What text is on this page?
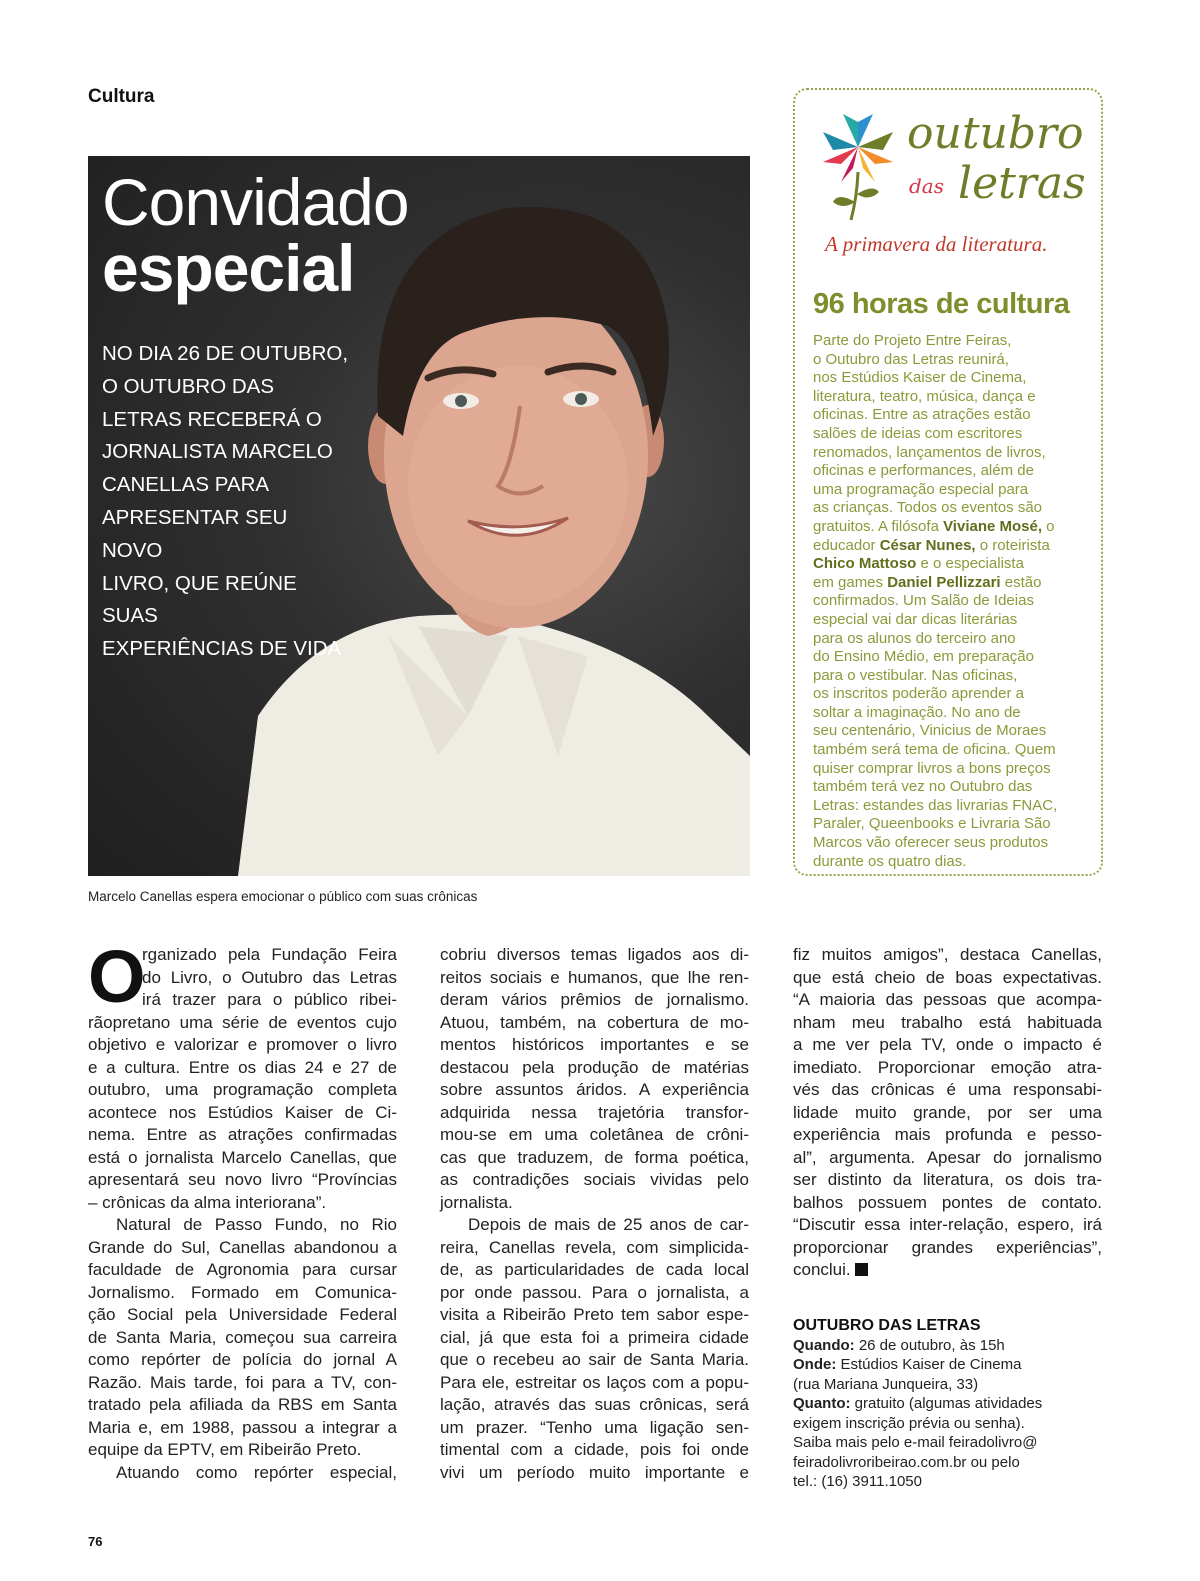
Cultura
Convidado
especial
NO DIA 26 DE OUTUBRO,
O OUTUBRO DAS
LETRAS RECEBERÁ O
JORNALISTA MARCELO
CANELLAS PARA
APRESENTAR SEU NOVO
LIVRO, QUE REÚNE SUAS
EXPERIÊNCIAS DE VIDA
Marcelo Canellas espera emocionar o público com suas crônicas
outubro
das letras
A primavera da literatura.
96 horas de cultura
Parte do Projeto Entre Feiras,
o Outubro das Letras reunirá,
nos Estúdios Kaiser de Cinema,
literatura, teatro, música, dança e
oficinas. Entre as atrações estão
salões de ideias com escritores
renomados, lançamentos de livros,
oficinas e performances, além de
uma programação especial para
as crianças. Todos os eventos são
gratuitos. A filósofa Viviane Mosé, o
educador César Nunes, o roteirista
Chico Mattoso e o especialista
em games Daniel Pellizzari estão
confirmados. Um Salão de Ideias
especial vai dar dicas literárias
para os alunos do terceiro ano
do Ensino Médio, em preparação
para o vestibular. Nas oficinas,
os inscritos poderão aprender a
soltar a imaginação. No ano de
seu centenário, Vinicius de Moraes
também será tema de oficina. Quem
quiser comprar livros a bons preços
também terá vez no Outubro das
Letras: estandes das livrarias FNAC,
Paraler, Queenbooks e Livraria São
Marcos vão oferecer seus produtos
durante os quatro dias.
O
rganizado pela Fundação Feira
do Livro, o Outubro das Letras
irá trazer para o público ribei-
rãopretano uma série de eventos cujo
objetivo e valorizar e promover o livro
e a cultura. Entre os dias 24 e 27 de
outubro, uma programação completa
acontece nos Estúdios Kaiser de Ci-
nema. Entre as atrações confirmadas
está o jornalista Marcelo Canellas, que
apresentará seu novo livro “Províncias
– crônicas da alma interiorana”.
Natural de Passo Fundo, no Rio
Grande do Sul, Canellas abandonou a
faculdade de Agronomia para cursar
Jornalismo. Formado em Comunica-
ção Social pela Universidade Federal
de Santa Maria, começou sua carreira
como repórter de polícia do jornal A
Razão. Mais tarde, foi para a TV, con-
tratado pela afiliada da RBS em Santa
Maria e, em 1988, passou a integrar a
equipe da EPTV, em Ribeirão Preto.
Atuando como repórter especial,
cobriu diversos temas ligados aos di-
reitos sociais e humanos, que lhe ren-
deram vários prêmios de jornalismo.
Atuou, também, na cobertura de mo-
mentos históricos importantes e se
destacou pela produção de matérias
sobre assuntos áridos. A experiência
adquirida nessa trajetória transfor-
mou-se em uma coletânea de crôni-
cas que traduzem, de forma poética,
as contradições sociais vividas pelo
jornalista.
Depois de mais de 25 anos de car-
reira, Canellas revela, com simplicida-
de, as particularidades de cada local
por onde passou. Para o jornalista, a
visita a Ribeirão Preto tem sabor espe-
cial, já que esta foi a primeira cidade
que o recebeu ao sair de Santa Maria.
Para ele, estreitar os laços com a popu-
lação, através das suas crônicas, será
um prazer. “Tenho uma ligação sen-
timental com a cidade, pois foi onde
vivi um período muito importante e
fiz muitos amigos”, destaca Canellas,
que está cheio de boas expectativas.
“A maioria das pessoas que acompa-
nham meu trabalho está habituada
a me ver pela TV, onde o impacto é
imediato. Proporcionar emoção atra-
vés das crônicas é uma responsabi-
lidade muito grande, por ser uma
experiência mais profunda e pesso-
al”, argumenta. Apesar do jornalismo
ser distinto da literatura, os dois tra-
balhos possuem pontes de contato.
“Discutir essa inter-relação, espero, irá
proporcionar grandes experiências”,
conclui.
OUTUBRO DAS LETRAS
Quando: 26 de outubro, às 15h
Onde: Estúdios Kaiser de Cinema
(rua Mariana Junqueira, 33)
Quanto: gratuito (algumas atividades
exigem inscrição prévia ou senha).
Saiba mais pelo e-mail feiradolivro@
feiradolivroribeirao.com.br ou pelo
tel.: (16) 3911.1050
76
